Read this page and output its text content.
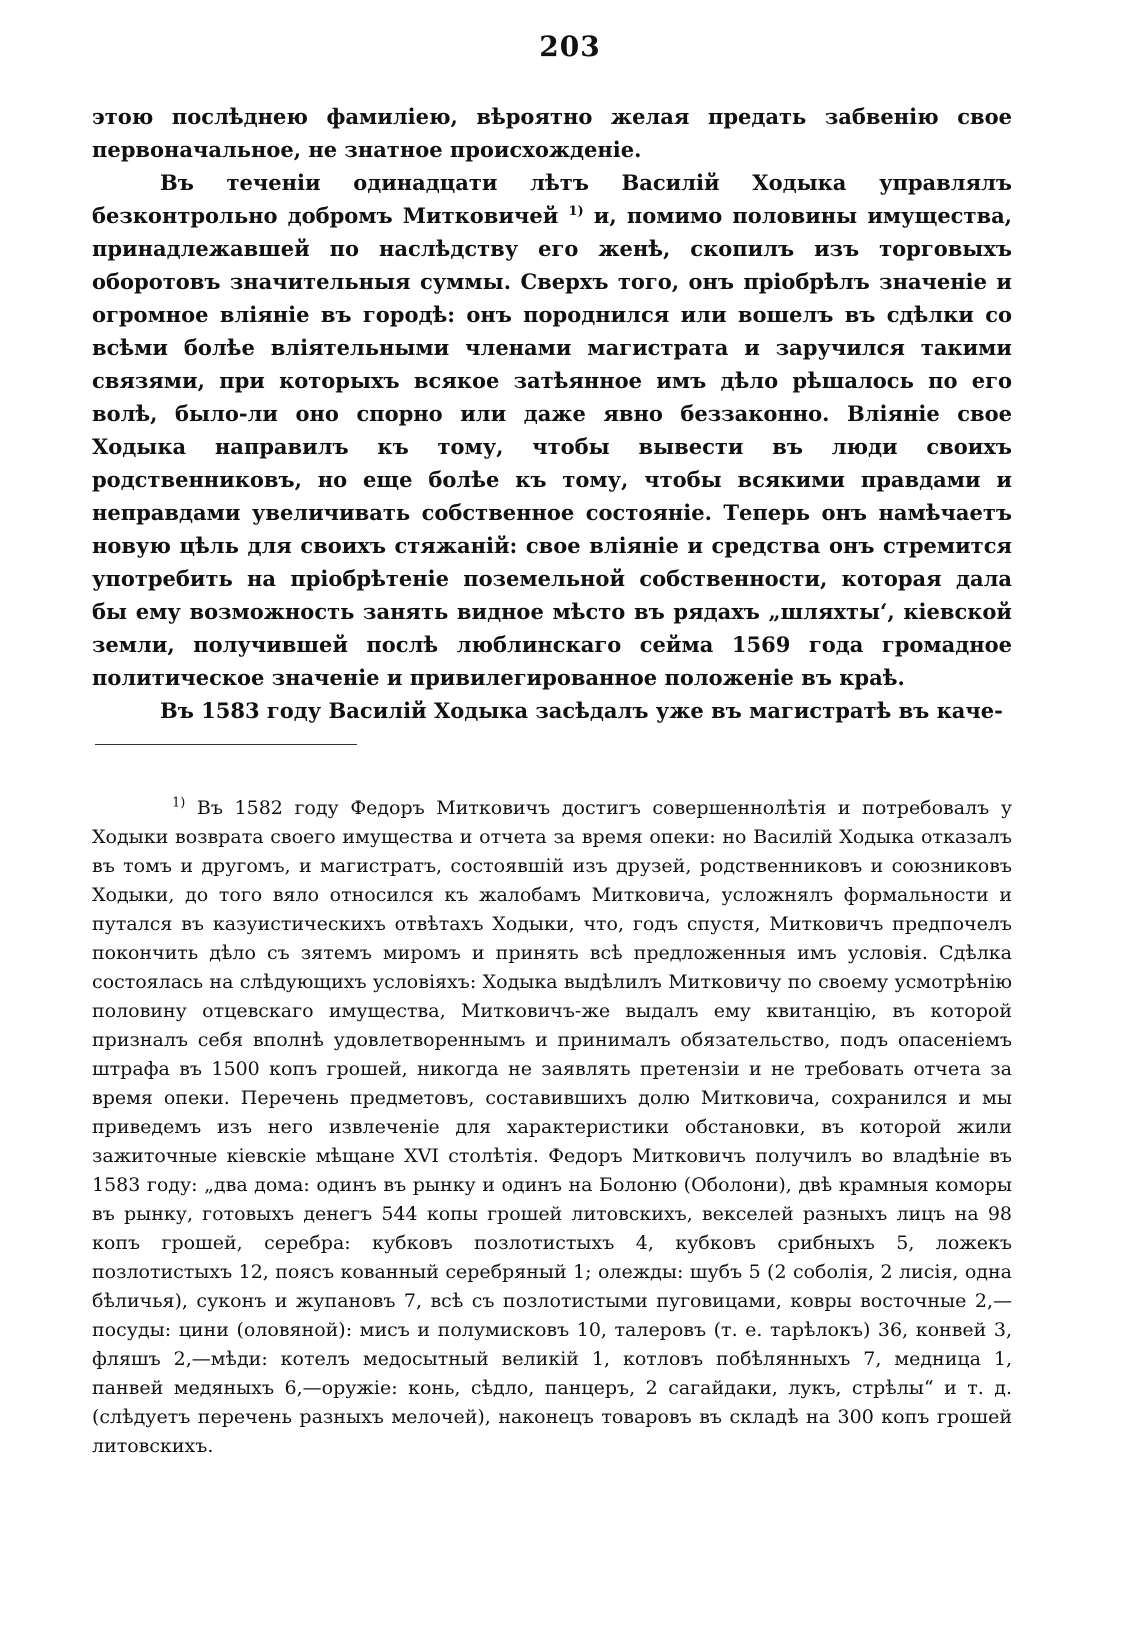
203

этою послѣднею фамиліею, вѣроятно желая предать забвенію свое первоначальное, не знатное происхожденіе.

Въ теченіи одинадцати лѣтъ Василій Ходыка управлялъ безконтрольно добромъ Митковичей $^{1)}$ и, помимо половины имущества, принадлежавшей по наслѣдству его женѣ, скопилъ изъ торговыхъ оборотовъ значительныя суммы. Сверхъ того, онъ пріобрѣлъ значеніе и огромное вліяніе въ городѣ: онъ породнился или вошелъ въ сдѣлки со всѣми болѣе вліятельными членами магистрата и заручился такими связями, при которыхъ всякое затѣянное имъ дѣло рѣшалось по его волѣ, было-ли оно спорно или даже явно беззаконно. Вліяніе свое Ходыка направилъ къ тому, чтобы вывести въ люди своихъ родственниковъ, но еще болѣе къ тому, чтобы всякими правдами и неправдами увеличивать собственное состояніе. Теперь онъ намѣчаетъ новую цѣль для своихъ стяжаній: свое вліяніе и средства онъ стремится употребить на пріобрѣтеніе поземельной собственности, которая дала бы ему возможность занять видное мѣсто въ рядахъ „шляхты‘, кіевской земли, получившей послѣ люблинскаго сейма 1569 года громадное политическое значеніе и привилегированное положеніе въ краѣ.

Въ 1583 году Василій Ходыка засѣдалъ уже въ магистратѣ въ каче-

$^{1)}$ Въ 1582 году Федоръ Митковичъ достигъ совершеннолѣтія и потребовалъ у Ходыки возврата своего имущества и отчета за время опеки: но Василій Ходыка отказалъ въ томъ и другомъ, и магистратъ, состоявшій изъ друзей, родственниковъ и союзниковъ Ходыки, до того вяло относился къ жалобамъ Митковича, усложнялъ формальности и путался въ казуистическихъ отвѣтахъ Ходыки, что, годъ спустя, Митковичъ предпочелъ покончить дѣло съ зятемъ миромъ и принять всѣ предложенныя имъ условія. Сдѣлка состоялась на слѣдующихъ условіяхъ: Ходыка выдѣлилъ Митковичу по своему усмотрѣнію половину отцевскаго имущества, Митковичъ-же выдалъ ему квитанцію, въ которой призналъ себя вполнѣ удовлетвореннымъ и принималъ обязательство, подъ опасеніемъ штрафа въ 1500 копъ грошей, никогда не заявлять претензіи и не требовать отчета за время опеки. Перечень предметовъ, составившихъ долю Митковича, сохранился и мы приведемъ изъ него извлеченіе для характеристики обстановки, въ которой жили зажиточные кіевскіе мѣщане XVI столѣтія. Федоръ Митковичъ получилъ во владѣніе въ 1583 году: „два дома: одинъ въ рынку и одинъ на Болоню (Оболони), двѣ крамныя коморы въ рынку, готовыхъ денегъ 544 копы грошей литовскихъ, векселей разныхъ лицъ на 98 копъ грошей, серебра: кубковъ позлотистыхъ 4, кубковъ срибныхъ 5, ложекъ позлотистыхъ 12, поясъ кованный серебряный 1; олежды: шубъ 5 (2 соболія, 2 лисія, одна бѣличья), суконъ и жупановъ 7, всѣ съ позлотистыми пуговицами, ковры восточные 2,—посуды: цини (оловяной): мисъ и полумисковъ 10, талеровъ (т. е. тарѣлокъ) 36, конвей 3, фляшъ 2,—мѣди: котелъ медосытный великій 1, котловъ побѣлянныхъ 7, медница 1, панвей медяныхъ 6,—оружіе: конь, сѣдло, панцеръ, 2 сагайдаки, лукъ, стрѣлы“ и т. д. (слѣдуетъ перечень разныхъ мелочей), наконецъ товаровъ въ складѣ на 300 копъ грошей литовскихъ.
